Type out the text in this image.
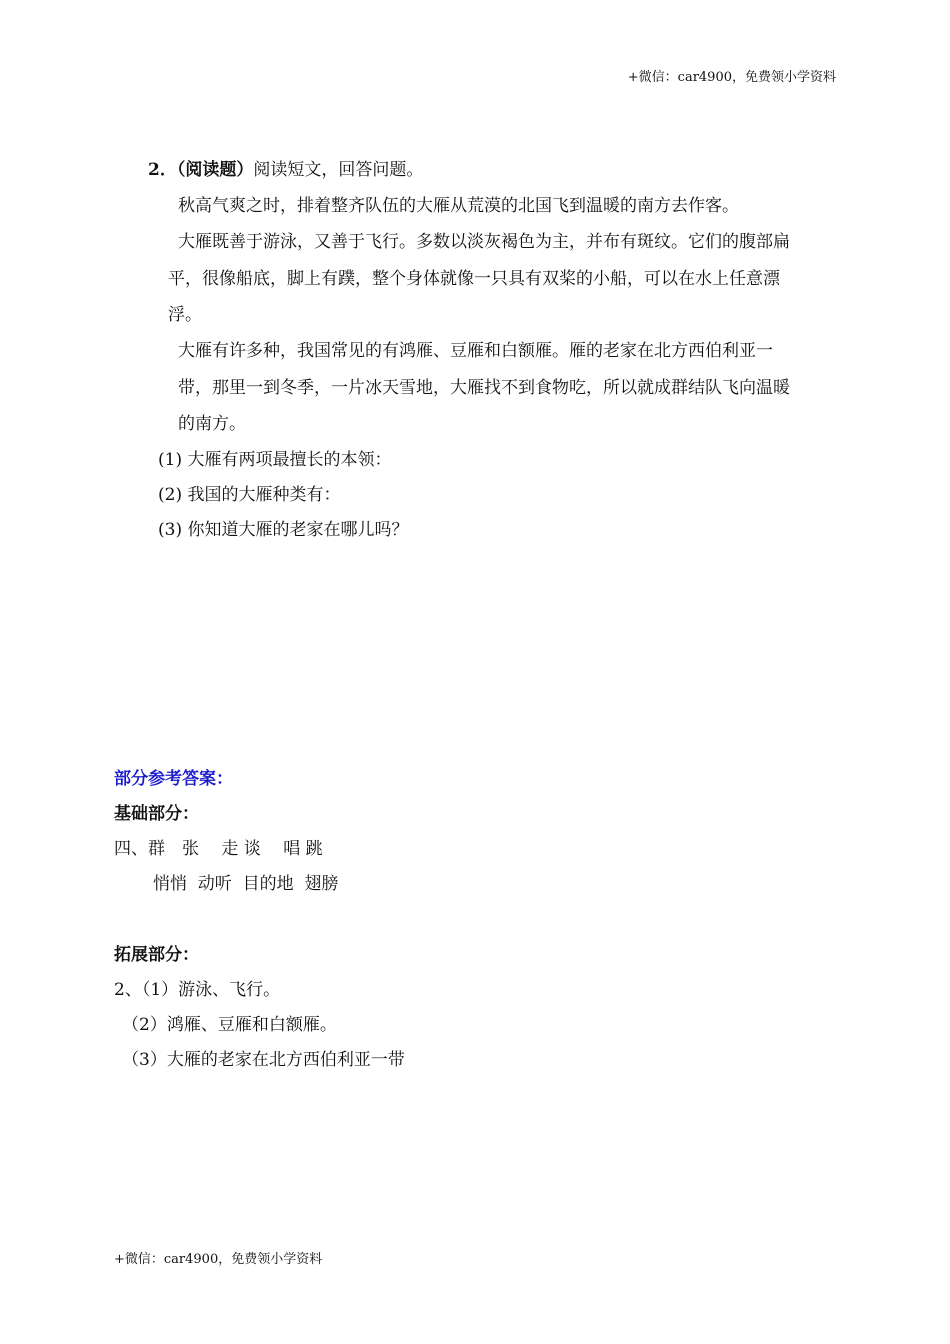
+微信：car4900，免费领小学资料
2．（阅读题）阅读短文，回答问题。
秋高气爽之时，排着整齐队伍的大雁从荒漠的北国飞到温暖的南方去作客。
大雁既善于游泳，又善于飞行。多数以淡灰褐色为主，并布有斑纹。它们的腹部扁
平，很像船底，脚上有蹼，整个身体就像一只具有双桨的小船，可以在水上任意漂
浮。
大雁有许多种，我国常见的有鸿雁、豆雁和白额雁。雁的老家在北方西伯利亚一
带，那里一到冬季，一片冰天雪地，大雁找不到食物吃，所以就成群结队飞向温暖
的南方。
(1) 大雁有两项最擅长的本领：
(2) 我国的大雁种类有：
(3) 你知道大雁的老家在哪儿吗？
部分参考答案：
基础部分：
四、群　张　 走 谈　 唱 跳
悄悄  动听  目的地  翅膀
拓展部分：
2、（1）游泳、飞行。
（2）鸿雁、豆雁和白额雁。
（3）大雁的老家在北方西伯利亚一带
+微信：car4900，免费领小学资料
